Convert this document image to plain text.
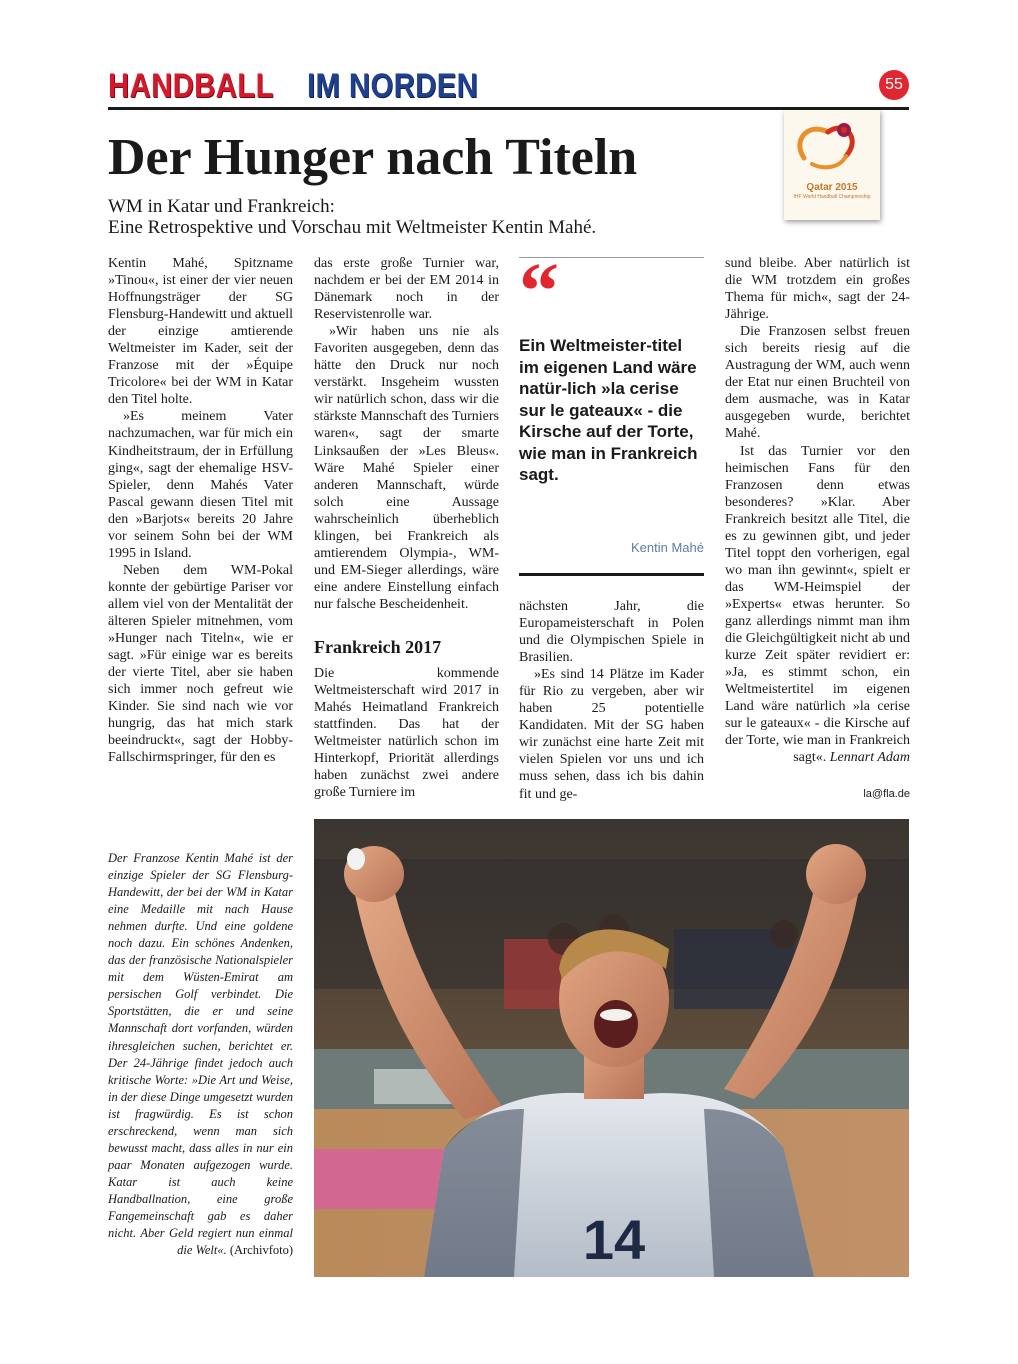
HANDBALL IM NORDEN	55
Qatar 2015
IHF World Handball Championship
Der Hunger nach Titeln
WM in Katar und Frankreich:
Eine Retrospektive und Vorschau mit Weltmeister Kentin Mahé.

Kentin Mahé, Spitzname »Tinou«, ist einer der vier neuen Hoffnungsträger der SG Flensburg-Handewitt und aktuell der einzige amtierende Weltmeister im Kader, seit der Franzose mit der »Équipe Tricolore« bei der WM in Katar den Titel holte.

»Es meinem Vater nachzumachen, war für mich ein Kindheitstraum, der in Erfüllung ging«, sagt der ehemalige HSV-Spieler, denn Mahés Vater Pascal gewann diesen Titel mit den »Barjots« bereits 20 Jahre vor seinem Sohn bei der WM 1995 in Island.

Neben dem WM-Pokal konnte der gebürtige Pariser vor allem viel von der Mentalität der älteren Spieler mitnehmen, vom »Hunger nach Titeln«, wie er sagt. »Für einige war es bereits der vierte Titel, aber sie haben sich immer noch gefreut wie Kinder. Sie sind nach wie vor hungrig, das hat mich stark beeindruckt«, sagt der Hobby-Fallschirmspringer, für den es

das erste große Turnier war, nachdem er bei der EM 2014 in Dänemark noch in der Reservistenrolle war.

»Wir haben uns nie als Favoriten ausgegeben, denn das hätte den Druck nur noch verstärkt. Insgeheim wussten wir natürlich schon, dass wir die stärkste Mannschaft des Turniers waren«, sagt der smarte Linksaußen der »Les Bleus«. Wäre Mahé Spieler einer anderen Mannschaft, würde solch eine Aussage wahrscheinlich überheblich klingen, bei Frankreich als amtierendem Olympia-, WM- und EM-Sieger allerdings, wäre eine andere Einstellung einfach nur falsche Bescheidenheit.

Frankreich 2017

Die kommende Weltmeisterschaft wird 2017 in Mahés Heimatland Frankreich stattfinden. Das hat der Weltmeister natürlich schon im Hinterkopf, Priorität allerdings haben zunächst zwei andere große Turniere im

“

Ein Weltmeister-titel im eigenen Land wäre natür-lich »la cerise sur le gateaux« - die Kirsche auf der Torte, wie man in Frankreich sagt.

Kentin Mahé

nächsten Jahr, die Europameisterschaft in Polen und die Olympischen Spiele in Brasilien.

»Es sind 14 Plätze im Kader für Rio zu vergeben, aber wir haben 25 potentielle Kandidaten. Mit der SG haben wir zunächst eine harte Zeit mit vielen Spielen vor uns und ich muss sehen, dass ich bis dahin fit und ge-

sund bleibe. Aber natürlich ist die WM trotzdem ein großes Thema für mich«, sagt der 24-Jährige.

Die Franzosen selbst freuen sich bereits riesig auf die Austragung der WM, auch wenn der Etat nur einen Bruchteil von dem ausmache, was in Katar ausgegeben wurde, berichtet Mahé.

Ist das Turnier vor den heimischen Fans für den Franzosen denn etwas besonderes? »Klar. Aber Frankreich besitzt alle Titel, die es zu gewinnen gibt, und jeder Titel toppt den vorherigen, egal wo man ihn gewinnt«, spielt er das WM-Heimspiel der »Experts« etwas herunter. So ganz allerdings nimmt man ihm die Gleichgültigkeit nicht ab und kurze Zeit später revidiert er: »Ja, es stimmt schon, ein Weltmeistertitel im eigenen Land wäre natürlich »la cerise sur le gateaux« - die Kirsche auf der Torte, wie man in Frankreich sagt«. Lennart Adam

la@fla.de

Der Franzose Kentin Mahé ist der einzige Spieler der SG Flensburg-Handewitt, der bei der WM in Katar eine Medaille mit nach Hause nehmen durfte. Und eine goldene noch dazu. Ein schönes Andenken, das der französische Nationalspieler mit dem Wüsten-Emirat am persischen Golf verbindet. Die Sportstätten, die er und seine Mannschaft dort vorfanden, würden ihresgleichen suchen, berichtet er. Der 24-Jährige findet jedoch auch kritische Worte: »Die Art und Weise, in der diese Dinge umgesetzt wurden ist fragwürdig. Es ist schon erschreckend, wenn man sich bewusst macht, dass alles in nur ein paar Monaten aufgezogen wurde. Katar ist auch keine Handballnation, eine große Fangemeinschaft gab es daher nicht. Aber Geld regiert nun einmal die Welt«. (Archivfoto)	14
